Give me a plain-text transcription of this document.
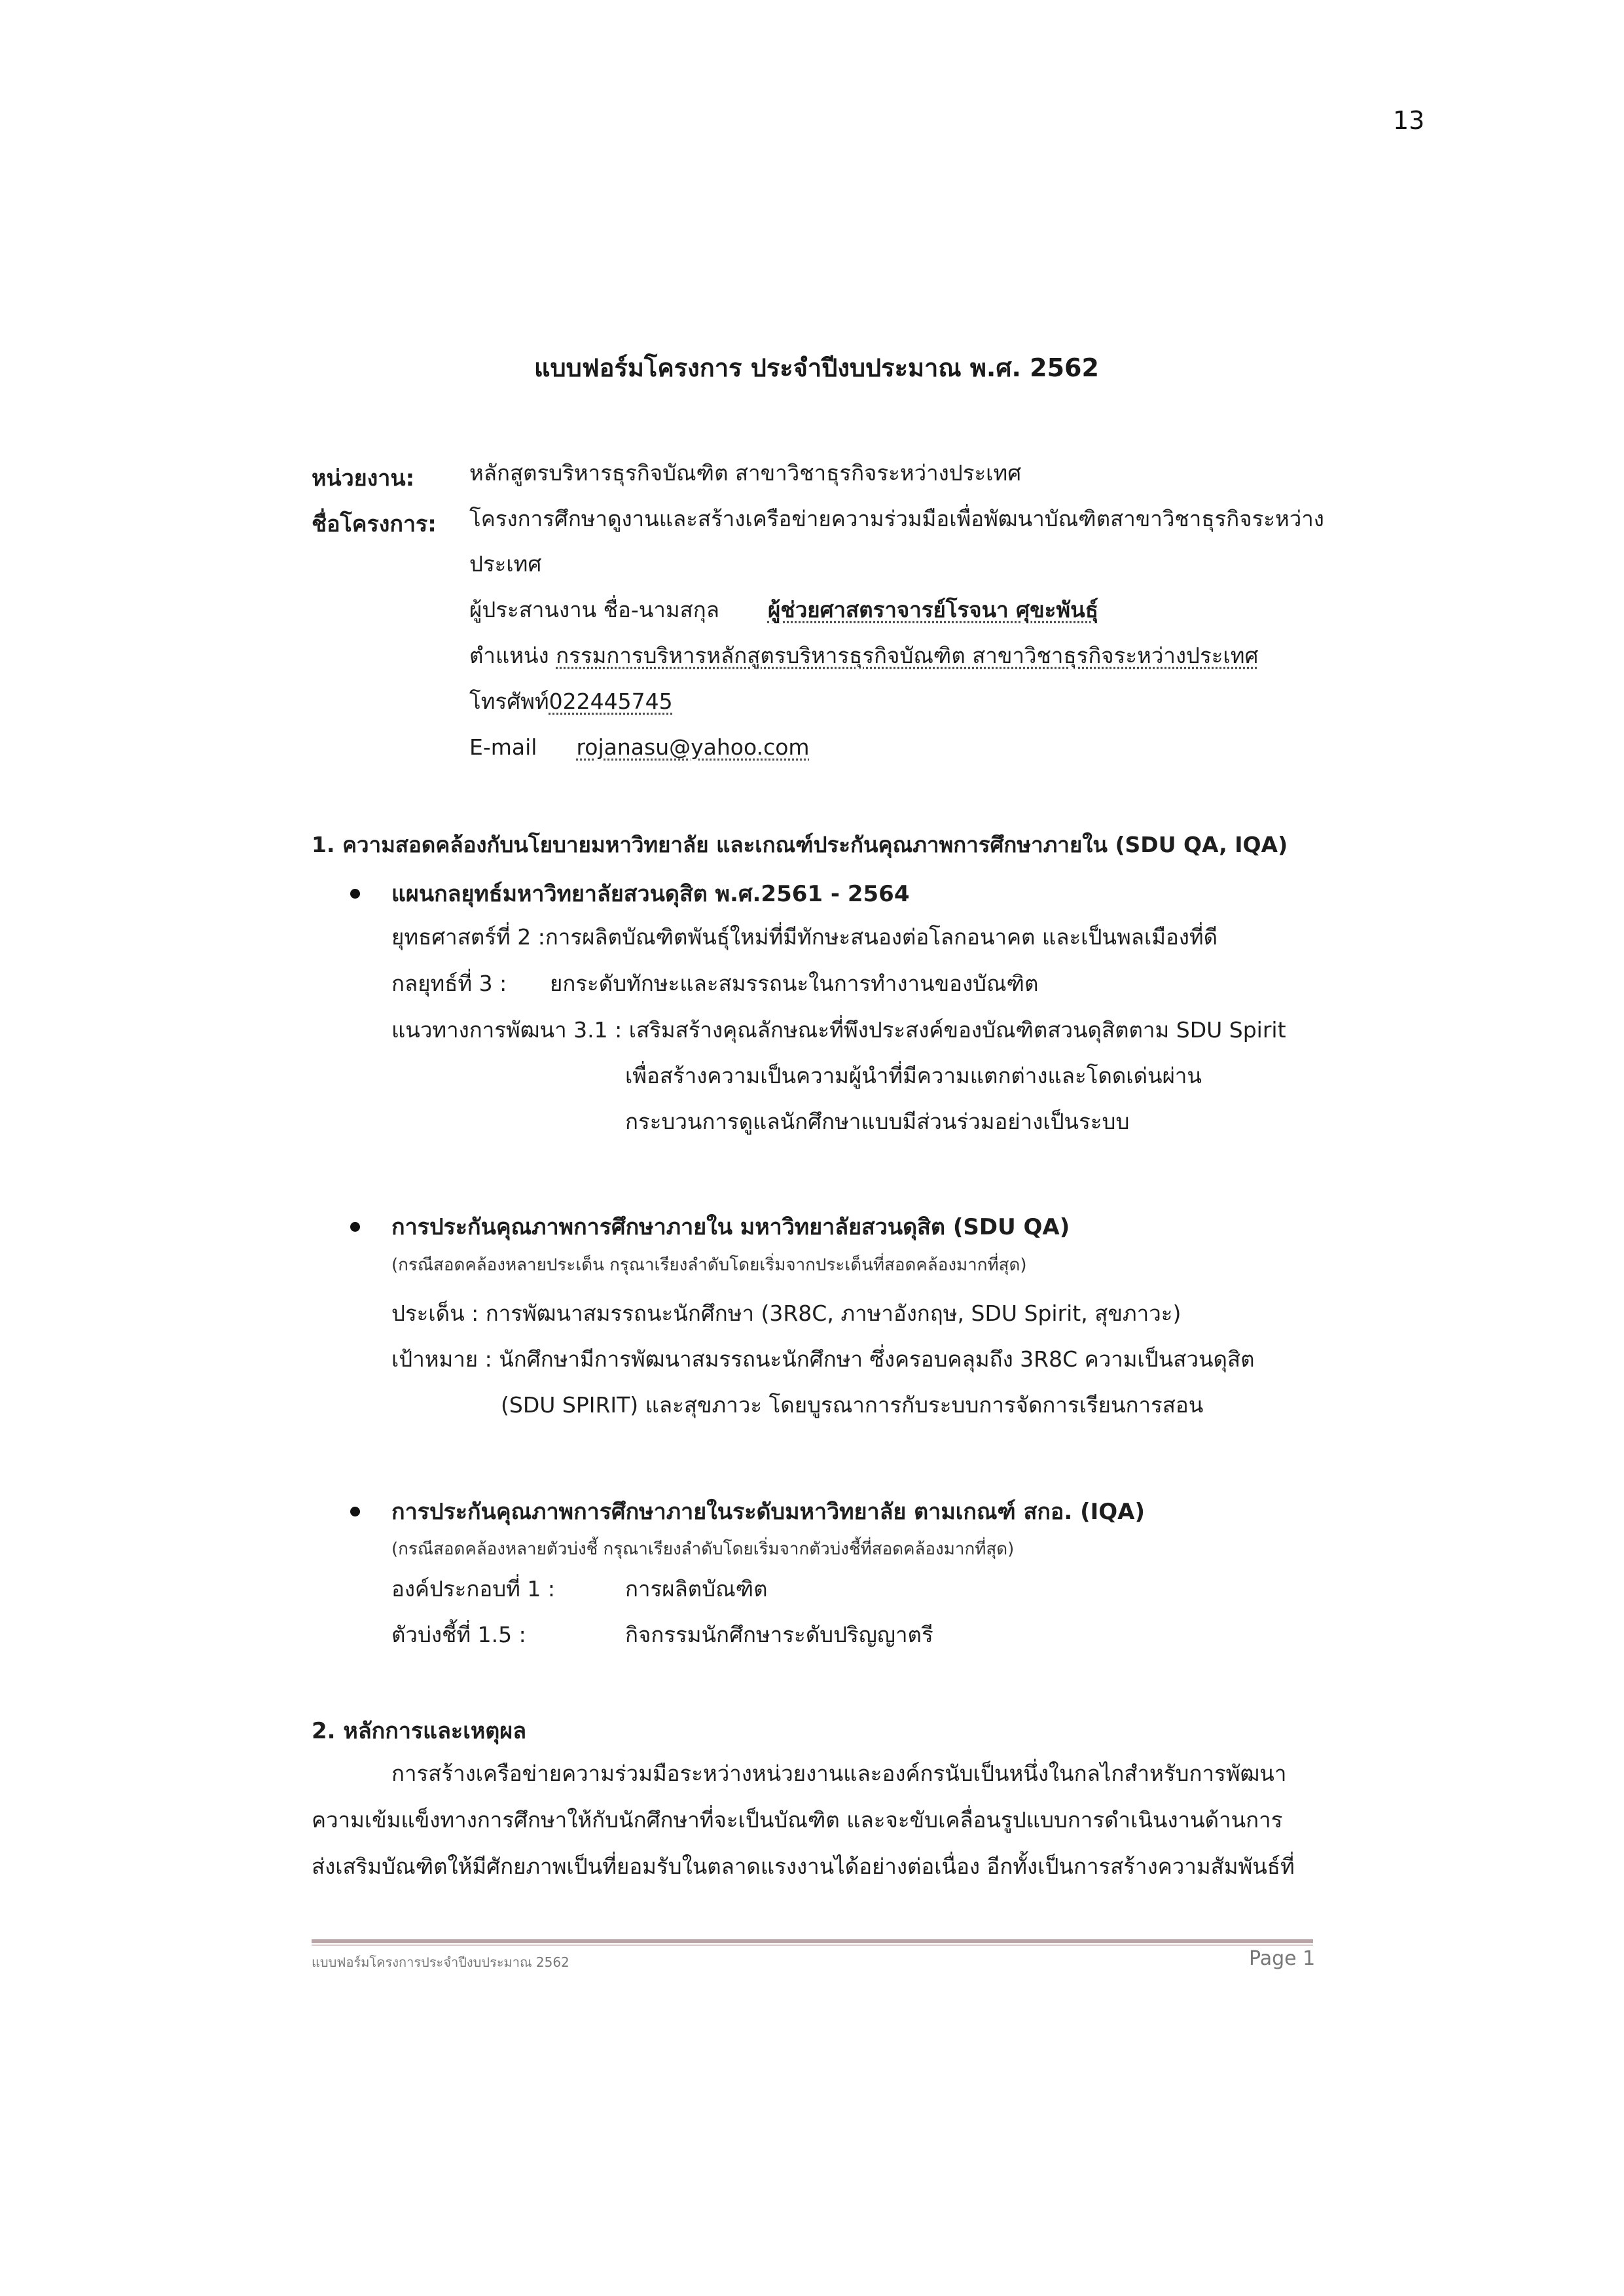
13
แบบฟอร์มโครงการ ประจำปีงบประมาณ พ.ศ. 2562
หน่วยงาน:	หลักสูตรบริหารธุรกิจบัณฑิต สาขาวิชาธุรกิจระหว่างประเทศ
ชื่อโครงการ: โครงการศึกษาดูงานและสร้างเครือข่ายความร่วมมือเพื่อพัฒนาบัณฑิตสาขาวิชาธุรกิจระหว่าง
ประเทศ
ผู้ประสานงาน ชื่อ-นามสกุล ผู้ช่วยศาสตราจารย์โรจนา ศุขะพันธุ์
ตำแหน่ง กรรมการบริหารหลักสูตรบริหารธุรกิจบัณฑิต สาขาวิชาธุรกิจระหว่างประเทศ
โทรศัพท์022445745
E-mail rojanasu@yahoo.com
1. ความสอดคล้องกับนโยบายมหาวิทยาลัย และเกณฑ์ประกันคุณภาพการศึกษาภายใน (SDU QA, IQA)
แผนกลยุทธ์มหาวิทยาลัยสวนดุสิต พ.ศ.2561 - 2564
ยุทธศาสตร์ที่ 2 :การผลิตบัณฑิตพันธุ์ใหม่ที่มีทักษะสนองต่อโลกอนาคต และเป็นพลเมืองที่ดี
กลยุทธ์ที่ 3 : ยกระดับทักษะและสมรรถนะในการทำงานของบัณฑิต
แนวทางการพัฒนา 3.1 : เสริมสร้างคุณลักษณะที่พึงประสงค์ของบัณฑิตสวนดุสิตตาม SDU Spirit
เพื่อสร้างความเป็นความผู้นำที่มีความแตกต่างและโดดเด่นผ่าน
กระบวนการดูแลนักศึกษาแบบมีส่วนร่วมอย่างเป็นระบบ
การประกันคุณภาพการศึกษาภายใน มหาวิทยาลัยสวนดุสิต (SDU QA)
(กรณีสอดคล้องหลายประเด็น กรุณาเรียงลำดับโดยเริ่มจากประเด็นที่สอดคล้องมากที่สุด)
ประเด็น : การพัฒนาสมรรถนะนักศึกษา (3R8C, ภาษาอังกฤษ, SDU Spirit, สุขภาวะ)
เป้าหมาย : นักศึกษามีการพัฒนาสมรรถนะนักศึกษา ซึ่งครอบคลุมถึง 3R8C ความเป็นสวนดุสิต
(SDU SPIRIT) และสุขภาวะ โดยบูรณาการกับระบบการจัดการเรียนการสอน
การประกันคุณภาพการศึกษาภายในระดับมหาวิทยาลัย ตามเกณฑ์ สกอ. (IQA)
(กรณีสอดคล้องหลายตัวบ่งชี้ กรุณาเรียงลำดับโดยเริ่มจากตัวบ่งชี้ที่สอดคล้องมากที่สุด)
องค์ประกอบที่ 1 :	การผลิตบัณฑิต
ตัวบ่งชี้ที่ 1.5 :	กิจกรรมนักศึกษาระดับปริญญาตรี
2. หลักการและเหตุผล
การสร้างเครือข่ายความร่วมมือระหว่างหน่วยงานและองค์กรนับเป็นหนึ่งในกลไกสำหรับการพัฒนา
ความเข้มแข็งทางการศึกษาให้กับนักศึกษาที่จะเป็นบัณฑิต และจะขับเคลื่อนรูปแบบการดำเนินงานด้านการ
ส่งเสริมบัณฑิตให้มีศักยภาพเป็นที่ยอมรับในตลาดแรงงานได้อย่างต่อเนื่อง อีกทั้งเป็นการสร้างความสัมพันธ์ที่
แบบฟอร์มโครงการประจำปีงบประมาณ 2562	Page 1
